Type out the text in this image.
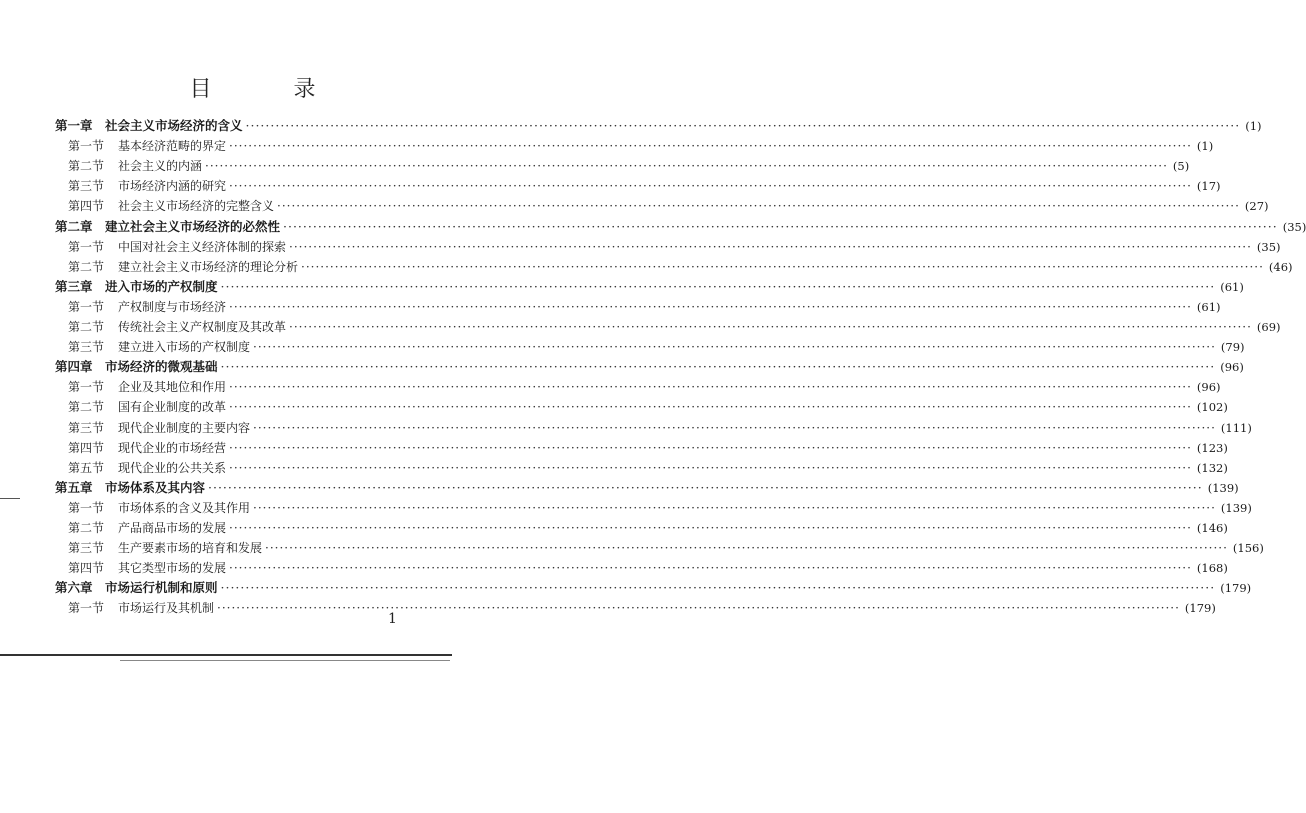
目　录
第一章 社会主义市场经济的含义 ········································································································································································································ (1)
第一节	基本经济范畴的界定 ········································································································································································································ (1)
第二节	社会主义的内涵 ········································································································································································································ (5)
第三节	市场经济内涵的研究 ········································································································································································································ (17)
第四节	社会主义市场经济的完整含义 ········································································································································································································ (27)
第二章 建立社会主义市场经济的必然性 ········································································································································································································ (35)
第一节	中国对社会主义经济体制的探索 ········································································································································································································ (35)
第二节	建立社会主义市场经济的理论分析 ········································································································································································································ (46)
第三章 进入市场的产权制度 ········································································································································································································ (61)
第一节	产权制度与市场经济 ········································································································································································································ (61)
第二节	传统社会主义产权制度及其改革 ········································································································································································································ (69)
第三节	建立进入市场的产权制度 ········································································································································································································ (79)
第四章 市场经济的微观基础 ········································································································································································································ (96)
第一节	企业及其地位和作用 ········································································································································································································ (96)
第二节	国有企业制度的改革 ········································································································································································································ (102)
第三节	现代企业制度的主要内容 ········································································································································································································ (111)
第四节	现代企业的市场经营 ········································································································································································································ (123)
第五节	现代企业的公共关系 ········································································································································································································ (132)
第五章 市场体系及其内容 ········································································································································································································ (139)
第一节	市场体系的含义及其作用 ········································································································································································································ (139)
第二节	产品商品市场的发展 ········································································································································································································ (146)
第三节	生产要素市场的培育和发展 ········································································································································································································ (156)
第四节	其它类型市场的发展 ········································································································································································································ (168)
第六章 市场运行机制和原则 ········································································································································································································ (179)
第一节	市场运行及其机制 ········································································································································································································ (179)
1
